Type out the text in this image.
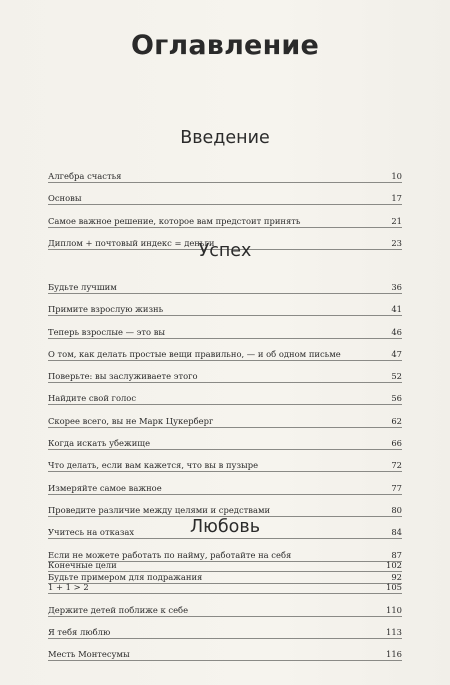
Оглавление
Введение
Алгебра счастья	10
Основы	17
Самое важное решение, которое вам предстоит принять	21
Диплом + почтовый индекс = деньги	23
Успех
Будьте лучшим	36
Примите взрослую жизнь	41
Теперь взрослые — это вы	46
О том, как делать простые вещи правильно, — и об одном письме	47
Поверьте: вы заслуживаете этого	52
Найдите свой голос	56
Скорее всего, вы не Марк Цукерберг	62
Когда искать убежище	66
Что делать, если вам кажется, что вы в пузыре	72
Измеряйте самое важное	77
Проведите различие между целями и средствами	80
Учитесь на отказах	84
Если не можете работать по найму, работайте на себя	87
Будьте примером для подражания	92
Любовь
Конечные цели	102
1 + 1 > 2	105
Держите детей поближе к себе	110
Я тебя люблю	113
Месть Монтесумы	116
